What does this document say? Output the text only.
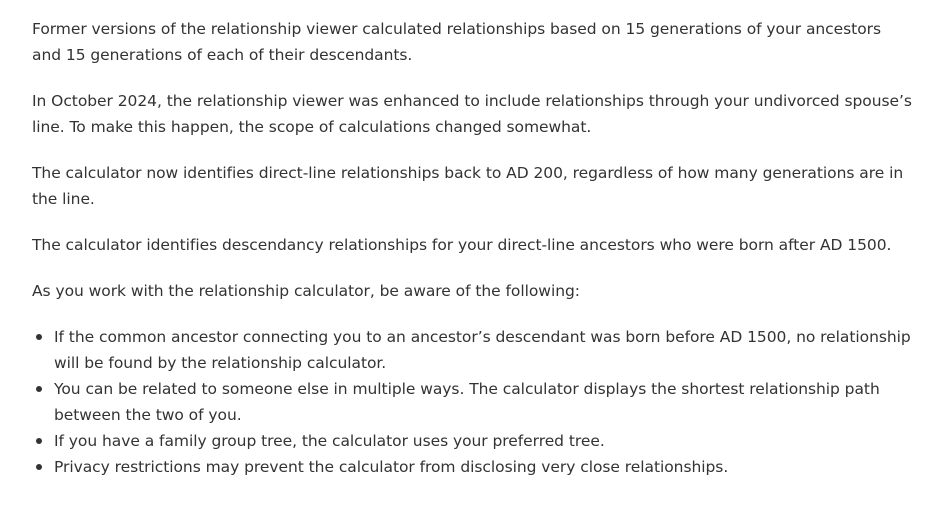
Former versions of the relationship viewer calculated relationships based on 15 generations of your ancestors and 15 generations of each of their descendants.

In October 2024, the relationship viewer was enhanced to include relationships through your undivorced spouse’s line. To make this happen, the scope of calculations changed somewhat.

The calculator now identifies direct-line relationships back to AD 200, regardless of how many generations are in the line.

The calculator identifies descendancy relationships for your direct-line ancestors who were born after AD 1500.

As you work with the relationship calculator, be aware of the following:

If the common ancestor connecting you to an ancestor’s descendant was born before AD 1500, no relationship will be found by the relationship calculator.
You can be related to someone else in multiple ways. The calculator displays the shortest relationship path between the two of you.
If you have a family group tree, the calculator uses your preferred tree.
Privacy restrictions may prevent the calculator from disclosing very close relationships.
